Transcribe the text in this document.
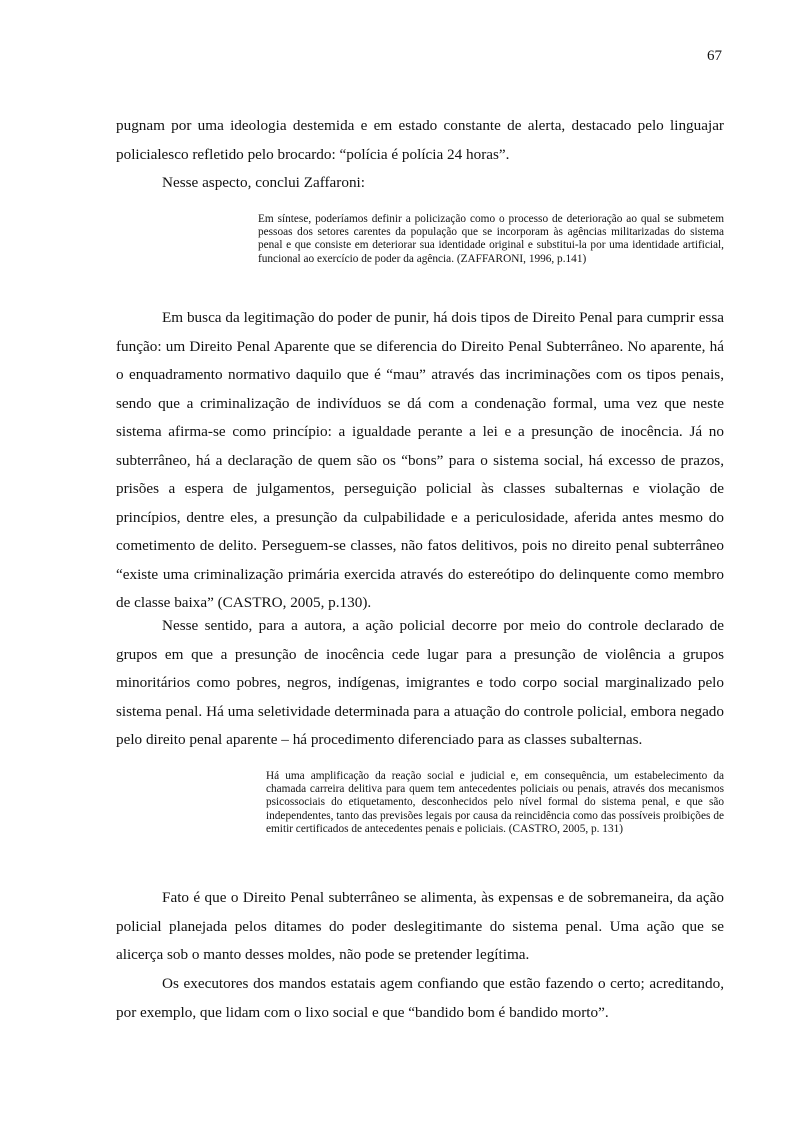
67

pugnam por uma ideologia destemida e em estado constante de alerta, destacado pelo linguajar policialesco refletido pelo brocardo: “polícia é polícia 24 horas”.

Nesse aspecto, conclui Zaffaroni:

Em síntese, poderíamos definir a policização como o processo de deterioração ao qual se submetem pessoas dos setores carentes da população que se incorporam às agências militarizadas do sistema penal e que consiste em deteriorar sua identidade original e substitui-la por uma identidade artificial, funcional ao exercício de poder da agência. (ZAFFARONI, 1996, p.141)

Em busca da legitimação do poder de punir, há dois tipos de Direito Penal para cumprir essa função: um Direito Penal Aparente que se diferencia do Direito Penal Subterrâneo. No aparente, há o enquadramento normativo daquilo que é “mau” através das incriminações com os tipos penais, sendo que a criminalização de indivíduos se dá com a condenação formal, uma vez que neste sistema afirma-se como princípio: a igualdade perante a lei e a presunção de inocência. Já no subterrâneo, há a declaração de quem são os “bons” para o sistema social, há excesso de prazos, prisões a espera de julgamentos, perseguição policial às classes subalternas e violação de princípios, dentre eles, a presunção da culpabilidade e a periculosidade, aferida antes mesmo do cometimento de delito. Perseguem-se classes, não fatos delitivos, pois no direito penal subterrâneo “existe uma criminalização primária exercida através do estereótipo do delinquente como membro de classe baixa” (CASTRO, 2005, p.130).

Nesse sentido, para a autora, a ação policial decorre por meio do controle declarado de grupos em que a presunção de inocência cede lugar para a presunção de violência a grupos minoritários como pobres, negros, indígenas, imigrantes e todo corpo social marginalizado pelo sistema penal. Há uma seletividade determinada para a atuação do controle policial, embora negado pelo direito penal aparente – há procedimento diferenciado para as classes subalternas.

Há uma amplificação da reação social e judicial e, em consequência, um estabelecimento da chamada carreira delitiva para quem tem antecedentes policiais ou penais, através dos mecanismos psicossociais do etiquetamento, desconhecidos pelo nível formal do sistema penal, e que são independentes, tanto das previsões legais por causa da reincidência como das possíveis proibições de emitir certificados de antecedentes penais e policiais. (CASTRO, 2005, p. 131)

Fato é que o Direito Penal subterrâneo se alimenta, às expensas e de sobremaneira, da ação policial planejada pelos ditames do poder deslegitimante do sistema penal. Uma ação que se alicerça sob o manto desses moldes, não pode se pretender legítima.

Os executores dos mandos estatais agem confiando que estão fazendo o certo; acreditando, por exemplo, que lidam com o lixo social e que “bandido bom é bandido morto”.
